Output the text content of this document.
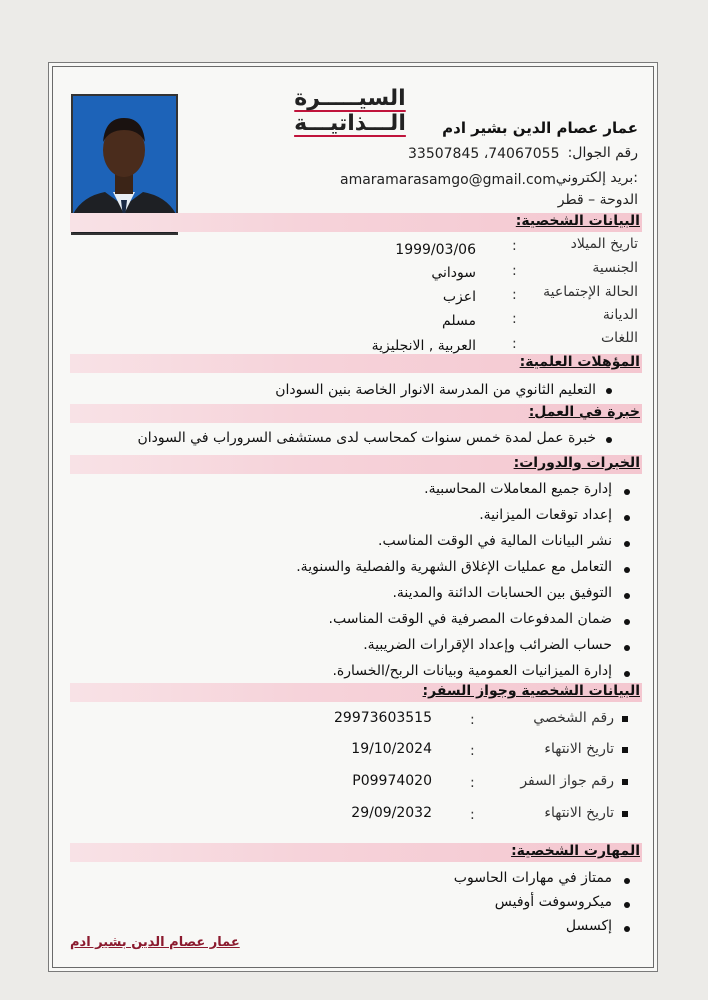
السيـــــرة الـــذاتيـــة	عمار عصام الدين بشير ادم
رقم الجوال:
33507845 ،74067055
:بريد إلكتروني
amaramarasamgo@gmail.com
الدوحة – قطر
البيانات الشخصية:
تاريخ الميلاد
:
1999/03/06
الجنسية
:
سوداني
الحالة الإجتماعية
:
اعزب
الديانة
:
مسلم
اللغات
:
العربية , الانجليزية
المؤهلات العلمية:
التعليم الثانوي من المدرسة الانوار الخاصة بنين السودان
خبرة في العمل:
خبرة عمل لمدة خمس سنوات كمحاسب لدى مستشفى السروراب في السودان
الخبرات والدورات:
إدارة جميع المعاملات المحاسبية.
إعداد توقعات الميزانية.
نشر البيانات المالية في الوقت المناسب.
التعامل مع عمليات الإغلاق الشهرية والفصلية والسنوية.
التوفيق بين الحسابات الدائنة والمدينة.
ضمان المدفوعات المصرفية في الوقت المناسب.
حساب الضرائب وإعداد الإقرارات الضريبية.
إدارة الميزانيات العمومية وبيانات الربح/الخسارة.
البيانات الشخصية وجواز السفر:
رقم الشخصي
:
29973603515
تاريخ الانتهاء
:
19/10/2024
رقم جواز السفر
:
P09974020
تاريخ الانتهاء
:
29/09/2032
المهارت الشخصية:
ممتاز في مهارات الحاسوب
ميكروسوفت أوفيس
إكسسل
عمار عصام الدين بشير ادم
